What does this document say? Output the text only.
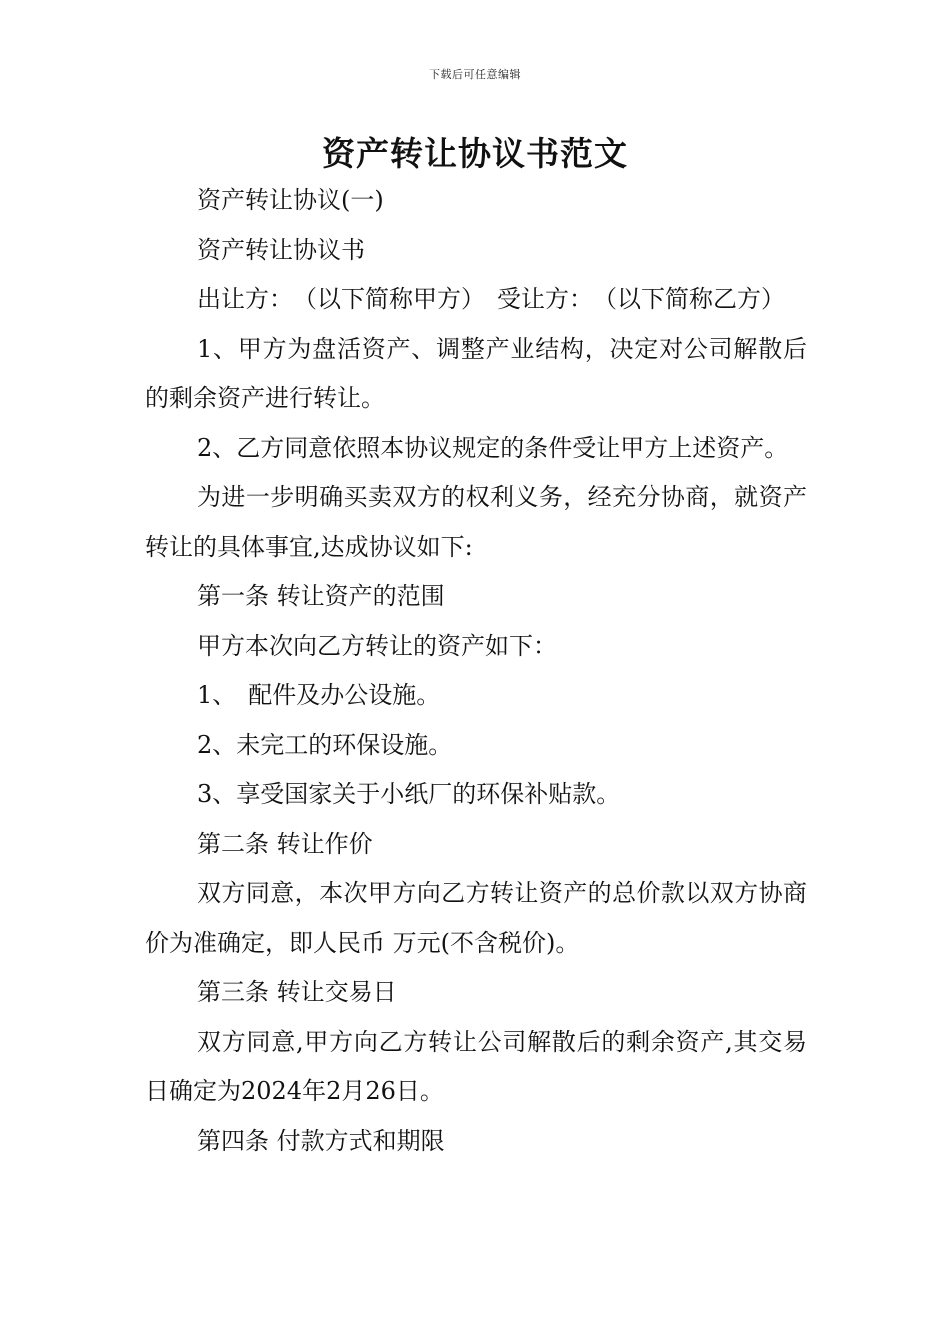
下载后可任意编辑
资产转让协议书范文

资产转让协议(一)

资产转让协议书

出让方：　（以下简称甲方）　受让方：　（以下简称乙方）

1、甲方为盘活资产、调整产业结构，决定对公司解散后的剩余资产进行转让。

2、乙方同意依照本协议规定的条件受让甲方上述资产。

为进一步明确买卖双方的权利义务，经充分协商，就资产转让的具体事宜,达成协议如下:

第一条 转让资产的范围

甲方本次向乙方转让的资产如下：

1、　配件及办公设施。

2、未完工的环保设施。

3、享受国家关于小纸厂的环保补贴款。

第二条 转让作价

双方同意，本次甲方向乙方转让资产的总价款以双方协商价为准确定，即人民币 万元(不含税价)。

第三条 转让交易日

双方同意,甲方向乙方转让公司解散后的剩余资产,其交易日确定为2024年2月26日。

第四条 付款方式和期限
